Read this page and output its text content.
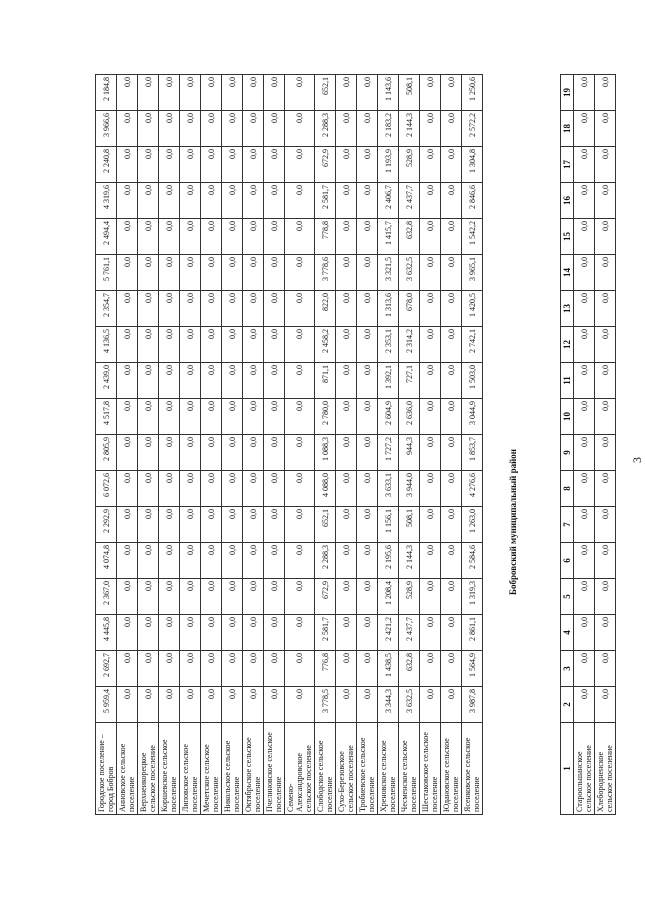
3
1	2	3	4	5	6	7	8	9	10	11	12	13	14	15	16	17	18	19
Староольшанское сельское поселение	0,0	0,0	0,0	0,0	0,0	0,0	0,0	0,0	0,0	0,0	0,0	0,0	0,0	0,0	0,0	0,0	0,0	0,0
Хлебородненское сельское поселение	0,0	0,0	0,0	0,0	0,0	0,0	0,0	0,0	0,0	0,0	0,0	0,0	0,0	0,0	0,0	0,0	0,0	0,0
Бобровский муниципальный район
Городское поселение – город Бобров	5 959,4	2 692,7	4 445,8	2 367,0	4 074,8	2 292,9	6 072,6	2 805,9	4 517,8	2 439,0	4 136,5	2 354,7	5 761,1	2 494,4	4 319,6	2 240,8	3 966,6	2 184,8
Анновское сельское поселение	0,0	0,0	0,0	0,0	0,0	0,0	0,0	0,0	0,0	0,0	0,0	0,0	0,0	0,0	0,0	0,0	0,0	0,0
Верхнеикорецкое сельское поселение	0,0	0,0	0,0	0,0	0,0	0,0	0,0	0,0	0,0	0,0	0,0	0,0	0,0	0,0	0,0	0,0	0,0	0,0
Коршевское сельское поселение	0,0	0,0	0,0	0,0	0,0	0,0	0,0	0,0	0,0	0,0	0,0	0,0	0,0	0,0	0,0	0,0	0,0	0,0
Липовское сельское поселение	0,0	0,0	0,0	0,0	0,0	0,0	0,0	0,0	0,0	0,0	0,0	0,0	0,0	0,0	0,0	0,0	0,0	0,0
Мечетское сельское поселение	0,0	0,0	0,0	0,0	0,0	0,0	0,0	0,0	0,0	0,0	0,0	0,0	0,0	0,0	0,0	0,0	0,0	0,0
Никольское сельское поселение	0,0	0,0	0,0	0,0	0,0	0,0	0,0	0,0	0,0	0,0	0,0	0,0	0,0	0,0	0,0	0,0	0,0	0,0
Октябрьское сельское поселение	0,0	0,0	0,0	0,0	0,0	0,0	0,0	0,0	0,0	0,0	0,0	0,0	0,0	0,0	0,0	0,0	0,0	0,0
Пчелиновское сельское поселение	0,0	0,0	0,0	0,0	0,0	0,0	0,0	0,0	0,0	0,0	0,0	0,0	0,0	0,0	0,0	0,0	0,0	0,0
Семено-Александровское сельское поселение	0,0	0,0	0,0	0,0	0,0	0,0	0,0	0,0	0,0	0,0	0,0	0,0	0,0	0,0	0,0	0,0	0,0	0,0
Слободское сельское поселение	3 778,5	776,8	2 581,7	672,9	2 288,3	652,1	4 088,0	1 088,3	2 780,0	871,1	2 458,2	822,0	3 778,6	778,8	2 581,7	672,9	2 288,3	652,1
Сухо-Березовское сельское поселение	0,0	0,0	0,0	0,0	0,0	0,0	0,0	0,0	0,0	0,0	0,0	0,0	0,0	0,0	0,0	0,0	0,0	0,0
Тробиевское сельское поселение	0,0	0,0	0,0	0,0	0,0	0,0	0,0	0,0	0,0	0,0	0,0	0,0	0,0	0,0	0,0	0,0	0,0	0,0
Хреновское сельское поселение	3 344,3	1 438,5	2 421,2	1 208,4	2 195,6	1 156,1	3 633,1	1 727,2	2 604,9	1 392,1	2 353,1	1 313,6	3 321,5	1 415,7	2 406,7	1 193,9	2 183,2	1 143,6
Чесменское сельское поселение	3 632,5	632,8	2 437,7	528,9	2 144,3	508,1	3 944,0	944,3	2 636,0	727,1	2 314,2	678,0	3 632,5	632,8	2 437,7	528,9	2 144,3	508,1
Шестаковское сельское поселение	0,0	0,0	0,0	0,0	0,0	0,0	0,0	0,0	0,0	0,0	0,0	0,0	0,0	0,0	0,0	0,0	0,0	0,0
Юдановское сельское поселение	0,0	0,0	0,0	0,0	0,0	0,0	0,0	0,0	0,0	0,0	0,0	0,0	0,0	0,0	0,0	0,0	0,0	0,0
Ясенковское сельское поселение	3 987,8	1 564,9	2 861,1	1 319,3	2 584,6	1 263,0	4 276,6	1 853,7	3 044,9	1 503,0	2 742,1	1 420,5	3 965,1	1 542,2	2 846,6	1 304,8	2 572,2	1 250,6
